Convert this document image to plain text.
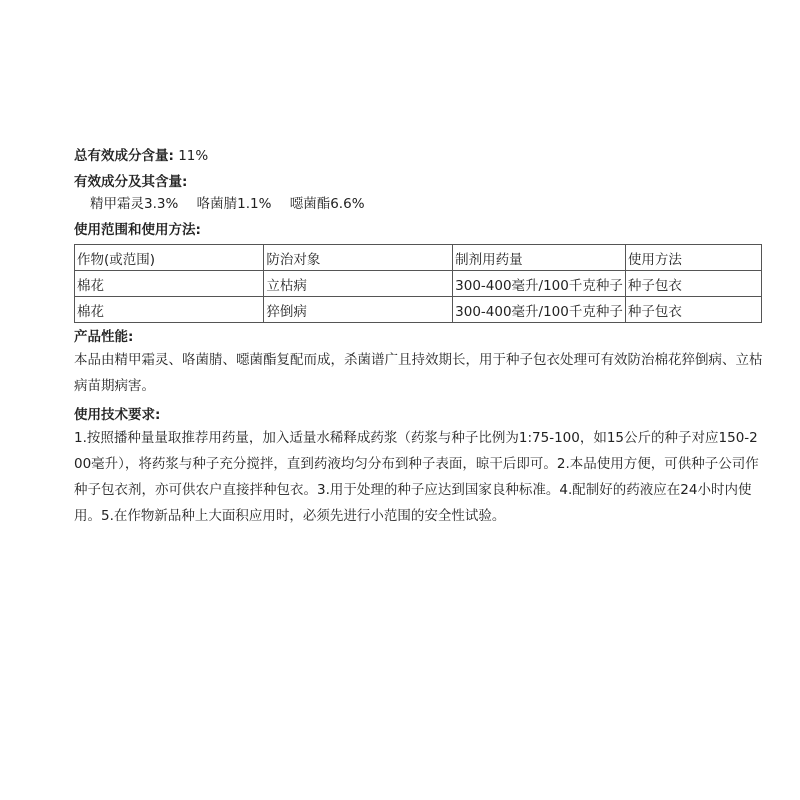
总有效成分含量: 11%

有效成分及其含量:

精甲霜灵3.3% 咯菌腈1.1% 噁菌酯6.6%

使用范围和使用方法:

作物(或范围)	防治对象	制剂用药量	使用方法
棉花	立枯病	300-400毫升/100千克种子	种子包衣
棉花	猝倒病	300-400毫升/100千克种子	种子包衣

产品性能:

本品由精甲霜灵、咯菌腈、噁菌酯复配而成，杀菌谱广且持效期长，用于种子包衣处理可有效防治棉花猝倒病、立枯病苗期病害。

使用技术要求:

1.按照播种量量取推荐用药量，加入适量水稀释成药浆（药浆与种子比例为1:75-100，如15公斤的种子对应150-200毫升），将药浆与种子充分搅拌，直到药液均匀分布到种子表面，晾干后即可。2.本品使用方便，可供种子公司作种子包衣剂，亦可供农户直接拌种包衣。3.用于处理的种子应达到国家良种标准。4.配制好的药液应在24小时内使用。5.在作物新品种上大面积应用时，必须先进行小范围的安全性试验。
